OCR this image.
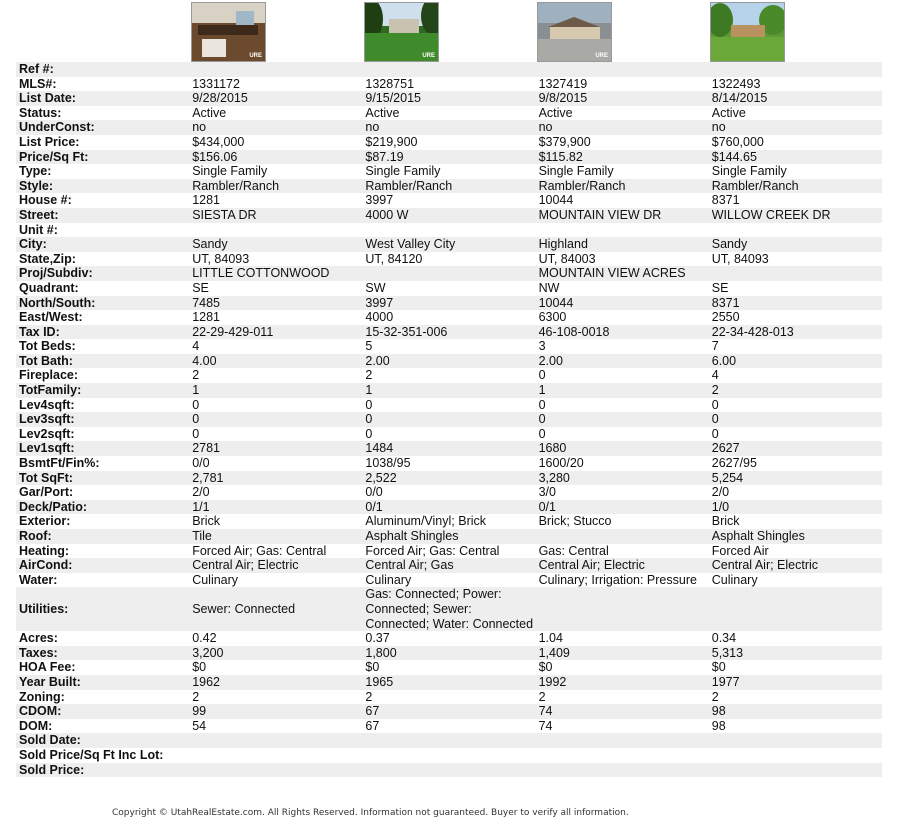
URE	URE	URE
Ref #:				
MLS#:	1331172	1328751	1327419	1322493
List Date:	9/28/2015	9/15/2015	9/8/2015	8/14/2015
Status:	Active	Active	Active	Active
UnderConst:	no	no	no	no
List Price:	$434,000	$219,900	$379,900	$760,000
Price/Sq Ft:	$156.06	$87.19	$115.82	$144.65
Type:	Single Family	Single Family	Single Family	Single Family
Style:	Rambler/Ranch	Rambler/Ranch	Rambler/Ranch	Rambler/Ranch
House #:	1281	3997	10044	8371
Street:	SIESTA DR	4000 W	MOUNTAIN VIEW DR	WILLOW CREEK DR
Unit #:				
City:	Sandy	West Valley City	Highland	Sandy
State,Zip:	UT, 84093	UT, 84120	UT, 84003	UT, 84093
Proj/Subdiv:	LITTLE COTTONWOOD		MOUNTAIN VIEW ACRES	
Quadrant:	SE	SW	NW	SE
North/South:	7485	3997	10044	8371
East/West:	1281	4000	6300	2550
Tax ID:	22-29-429-011	15-32-351-006	46-108-0018	22-34-428-013
Tot Beds:	4	5	3	7
Tot Bath:	4.00	2.00	2.00	6.00
Fireplace:	2	2	0	4
TotFamily:	1	1	1	2
Lev4sqft:	0	0	0	0
Lev3sqft:	0	0	0	0
Lev2sqft:	0	0	0	0
Lev1sqft:	2781	1484	1680	2627
BsmtFt/Fin%:	0/0	1038/95	1600/20	2627/95
Tot SqFt:	2,781	2,522	3,280	5,254
Gar/Port:	2/0	0/0	3/0	2/0
Deck/Patio:	1/1	0/1	0/1	1/0
Exterior:	Brick	Aluminum/Vinyl; Brick	Brick; Stucco	Brick
Roof:	Tile	Asphalt Shingles		Asphalt Shingles
Heating:	Forced Air; Gas: Central	Forced Air; Gas: Central	Gas: Central	Forced Air
AirCond:	Central Air; Electric	Central Air; Gas	Central Air; Electric	Central Air; Electric
Water:	Culinary	Culinary	Culinary; Irrigation: Pressure	Culinary
Utilities:	Sewer: Connected	Gas: Connected; Power: Connected; Sewer: Connected; Water: Connected		
Acres:	0.42	0.37	1.04	0.34
Taxes:	3,200	1,800	1,409	5,313
HOA Fee:	$0	$0	$0	$0
Year Built:	1962	1965	1992	1977
Zoning:	2	2	2	2
CDOM:	99	67	74	98
DOM:	54	67	74	98
Sold Date:				
Sold Price/Sq Ft Inc Lot:				
Sold Price:				
Copyright © UtahRealEstate.com. All Rights Reserved. Information not guaranteed. Buyer to verify all information.
